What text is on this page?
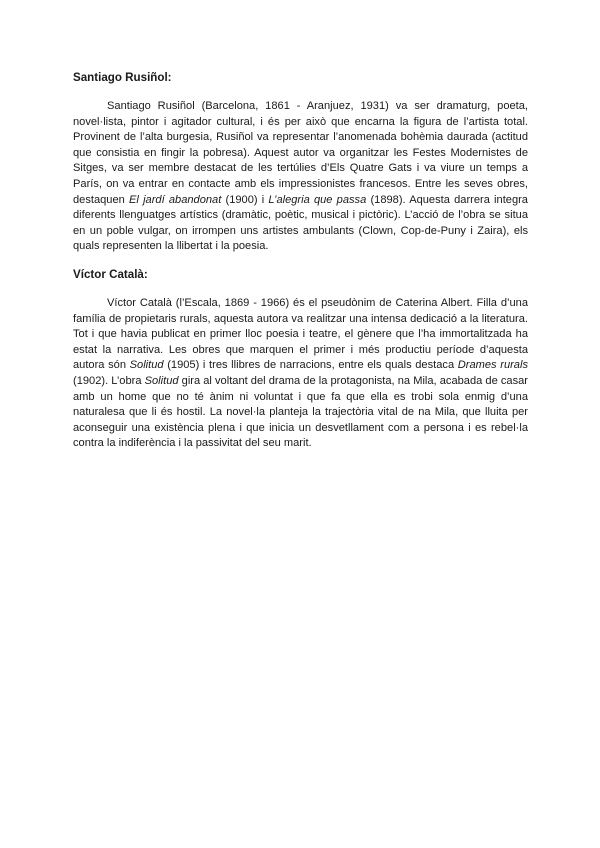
Santiago Rusiñol:

Santiago Rusiñol (Barcelona, 1861 - Aranjuez, 1931) va ser dramaturg, poeta, novel·lista, pintor i agitador cultural, i és per això que encarna la figura de l’artista total. Provinent de l’alta burgesia, Rusiñol va representar l’anomenada bohèmia daurada (actitud que consistia en fingir la pobresa). Aquest autor va organitzar les Festes Modernistes de Sitges, va ser membre destacat de les tertúlies d’Els Quatre Gats i va viure un temps a París, on va entrar en contacte amb els impressionistes francesos. Entre les seves obres, destaquen El jardí abandonat (1900) i L’alegria que passa (1898). Aquesta darrera integra diferents llenguatges artístics (dramàtic, poètic, musical i pictòric). L’acció de l’obra se situa en un poble vulgar, on irrompen uns artistes ambulants (Clown, Cop-de-Puny i Zaira), els quals representen la llibertat i la poesia.

Víctor Català:

Víctor Català (l’Escala, 1869 - 1966) és el pseudònim de Caterina Albert. Filla d’una família de propietaris rurals, aquesta autora va realitzar una intensa dedicació a la literatura. Tot i que havia publicat en primer lloc poesia i teatre, el gènere que l’ha immortalitzada ha estat la narrativa. Les obres que marquen el primer i més productiu període d’aquesta autora són Solitud (1905) i tres llibres de narracions, entre els quals destaca Drames rurals (1902). L’obra Solitud gira al voltant del drama de la protagonista, na Mila, acabada de casar amb un home que no té ànim ni voluntat i que fa que ella es trobi sola enmig d’una naturalesa que li és hostil. La novel·la planteja la trajectòria vital de na Mila, que lluita per aconseguir una existència plena i que inicia un desvetllament com a persona i es rebel·la contra la indiferència i la passivitat del seu marit.
